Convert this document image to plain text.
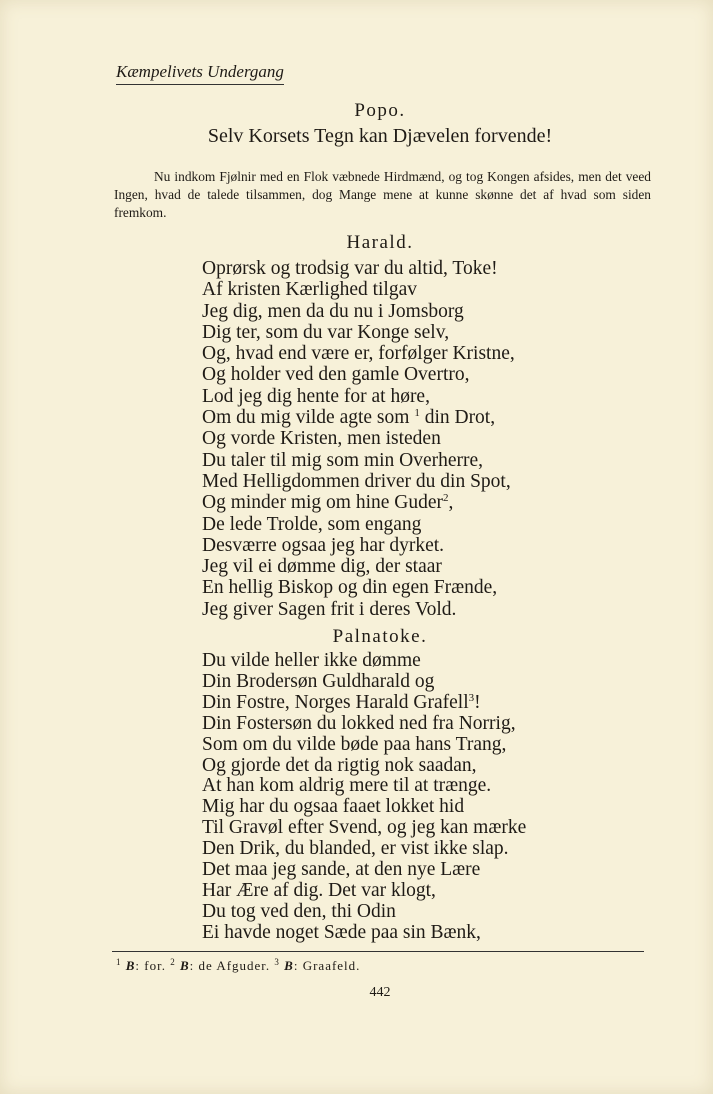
Kæmpelivets Undergang
Popo.
Selv Korsets Tegn kan Djævelen forvende!
Nu indkom Fjølnir med en Flok væbnede Hirdmænd, og tog Kongen afsides, men det veed Ingen, hvad de talede tilsammen, dog Mange mene at kunne skønne det af hvad som siden fremkom.
Harald.
Oprørsk og trodsig var du altid, Toke!
Af kristen Kærlighed tilgav
Jeg dig, men da du nu i Jomsborg
Dig ter, som du var Konge selv,
Og, hvad end være er, forfølger Kristne,
Og holder ved den gamle Overtro,
Lod jeg dig hente for at høre,
Om du mig vilde agte som $^1$ din Drot,
Og vorde Kristen, men isteden
Du taler til mig som min Overherre,
Med Helligdommen driver du din Spot,
Og minder mig om hine Guder$^2$,
De lede Trolde, som engang
Desværre ogsaa jeg har dyrket.
Jeg vil ei dømme dig, der staar
En hellig Biskop og din egen Frænde,
Jeg giver Sagen frit i deres Vold.
Palnatoke.
Du vilde heller ikke dømme
Din Brodersøn Guldharald og
Din Fostre, Norges Harald Grafell$^3$!
Din Fostersøn du lokked ned fra Norrig,
Som om du vilde bøde paa hans Trang,
Og gjorde det da rigtig nok saadan,
At han kom aldrig mere til at trænge.
Mig har du ogsaa faaet lokket hid
Til Gravøl efter Svend, og jeg kan mærke
Den Drik, du blanded, er vist ikke slap.
Det maa jeg sande, at den nye Lære
Har Ære af dig. Det var klogt,
Du tog ved den, thi Odin
Ei havde noget Sæde paa sin Bænk,
$^1$ B: for. $^2$ B: de Afguder. $^3$ B: Graafeld.
442
